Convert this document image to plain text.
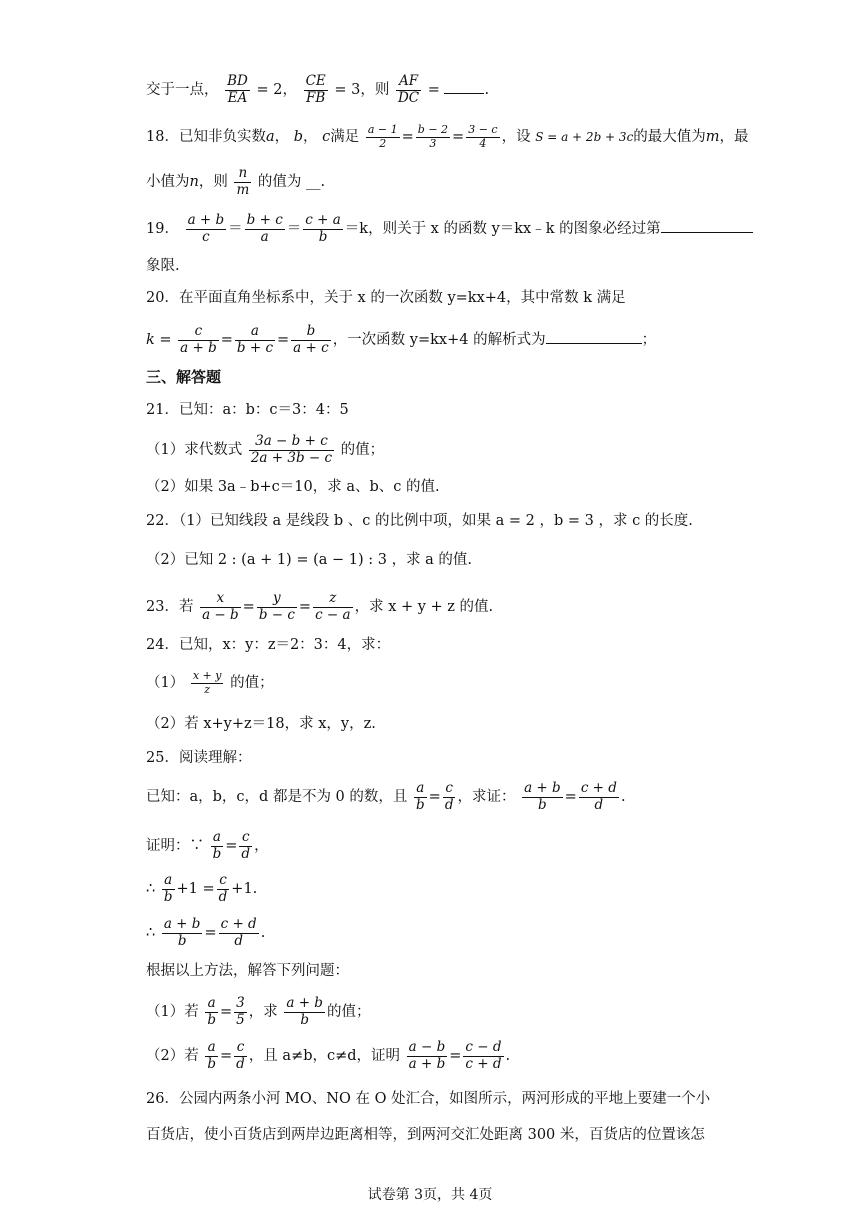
交于一点， $\frac{BD}{EA} = 2$， $\frac{CE}{FB} = 3$，则 $\frac{AF}{DC}$ =	.
18．已知非负实数a， b， c满足 $\frac{a - 1}{2} = \frac{b - 2}{3} = \frac{3 - c}{4}$ ，设 S = a + 2b + 3c的最大值为m，最
小值为n，则 $\frac{n}{m}$ 的值为 __.
19． $\frac{a + b}{c} = \frac{b + c}{a} = \frac{c + a}{b} =k$，则关于 x 的函数 y＝kx﹣k 的图象必经过第
象限.
20．在平面直角坐标系中，关于 x 的一次函数 y=kx+4，其中常数 k 满足
$k = \frac{c}{a + b} = \frac{a}{b + c} = \frac{b}{a + c}$ ，一次函数 y=kx+4 的解析式为	；
三、解答题
21．已知：a：b：c＝3：4：5
（1）求代数式 $\frac{3a - b + c}{2a + 3b - c}$ 的值；
（2）如果 3a﹣b+c＝10，求 a、b、c 的值.
22．（1）已知线段 a 是线段 b 、c 的比例中项，如果 a = 2 ，b = 3 ，求 c 的长度.
（2）已知 2 : (a + 1) = (a − 1) : 3 ，求 a 的值.
23．若 $\frac{x}{a - b} = \frac{y}{b - c} = \frac{z}{c - a}$ ，求 x + y + z 的值.
24．已知，x：y：z＝2：3：4，求：
$(1) \frac{x + y}{z}$ 的值；
（2）若 x+y+z＝18，求 x，y，z.
25．阅读理解：
已知：a，b，c，d 都是不为 0 的数，且 $\frac{a}{b} = \frac{c}{d}$ ，求证： $\frac{a + b}{b} = \frac{c + d}{d}$ .
证明：∵ $\frac{a}{b} = \frac{c}{d}$ ，
∴ $\frac{a}{b} +1 = \frac{c}{d} +1$.
∴ $\frac{a + b}{b} = \frac{c + d}{d}$ .
根据以上方法，解答下列问题：
（1）若 $\frac{a}{b} = \frac{3}{5}$ ，求 $\frac{a + b}{b}$ 的值；
（2）若 $\frac{a}{b} = \frac{c}{d}$ ，且 a≠b，c≠d，证明 $\frac{a - b}{a + b} = \frac{c - d}{c + d}$ .
26．公园内两条小河 MO、NO 在 O 处汇合，如图所示，两河形成的平地上要建一个小
百货店，使小百货店到两岸边距离相等，到两河交汇处距离 300 米，百货店的位置该怎
试卷第 3页，共 4页
